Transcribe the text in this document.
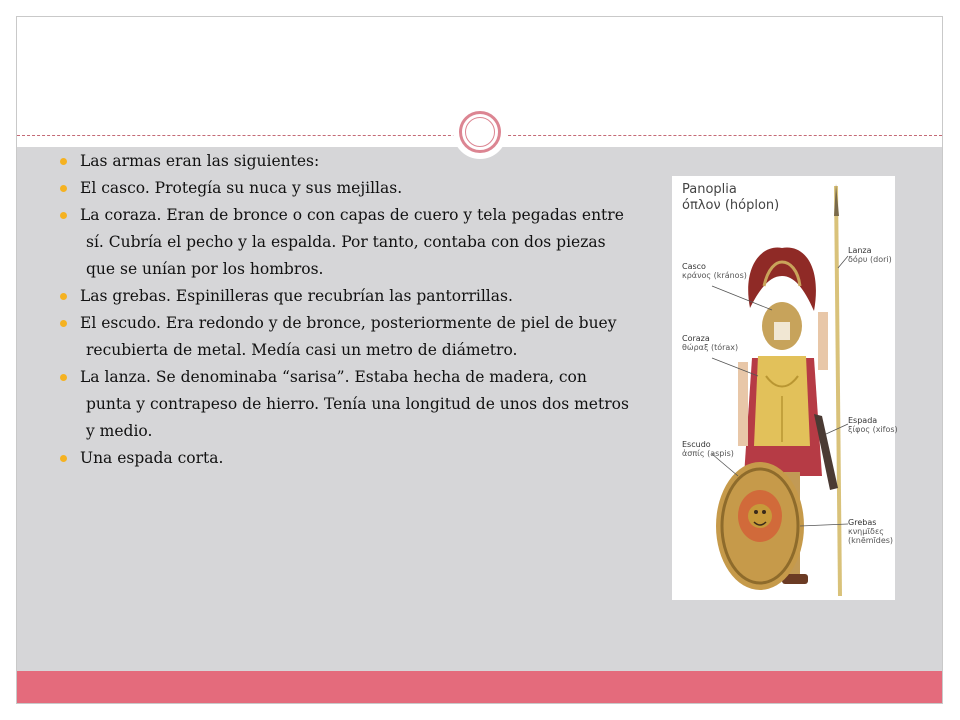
Las armas eran las siguientes:
El casco. Protegía su nuca y sus mejillas.
La coraza. Eran de bronce o con capas de cuero y tela pegadas entre
sí. Cubría el pecho y la espalda. Por tanto, contaba con dos piezas
que se unían por los hombros.
Las grebas. Espinilleras que recubrían las pantorrillas.
El escudo. Era redondo y de bronce, posteriormente de piel de buey
recubierta de metal. Medía casi un metro de diámetro.
La lanza. Se denominaba “sarisa”. Estaba hecha de madera, con
punta y contrapeso de hierro. Tenía una longitud de unos dos metros
y medio.
Una espada corta.
Panoplia
όπλον (hóplon)
Lanza
δόρυ (dori)
Casco
κράνος (kránоs)
Coraza
θώραξ (tórax)
Espada
ξίφος (xifos)
Escudo
ἀσπίς (aspis)
Grebas
κνημῖδες
(knēmīdes)
